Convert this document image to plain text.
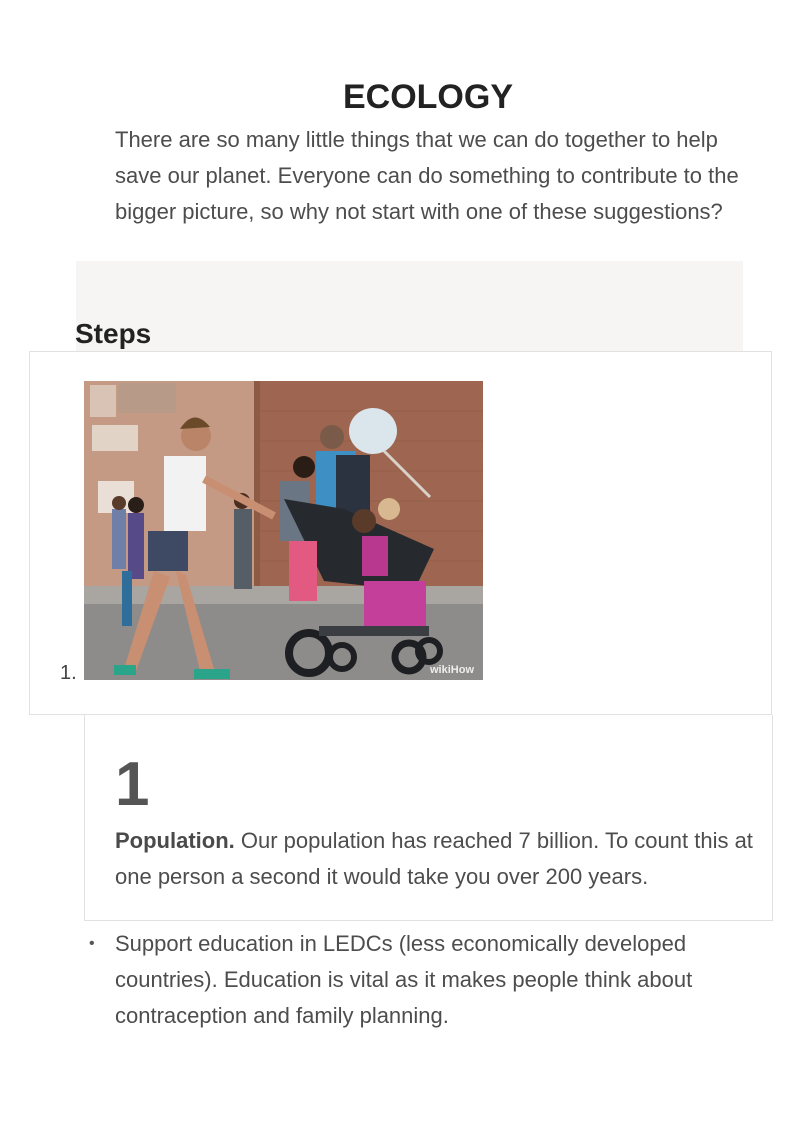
ECOLOGY

There are so many little things that we can do together to help save our planet. Everyone can do something to contribute to the bigger picture, so why not start with one of these suggestions?

Steps
1.	wikiHow
1

Population. Our population has reached 7 billion. To count this at one person a second it would take you over 200 years.

• Support education in LEDCs (less economically developed countries). Education is vital as it makes people think about contraception and family planning.
